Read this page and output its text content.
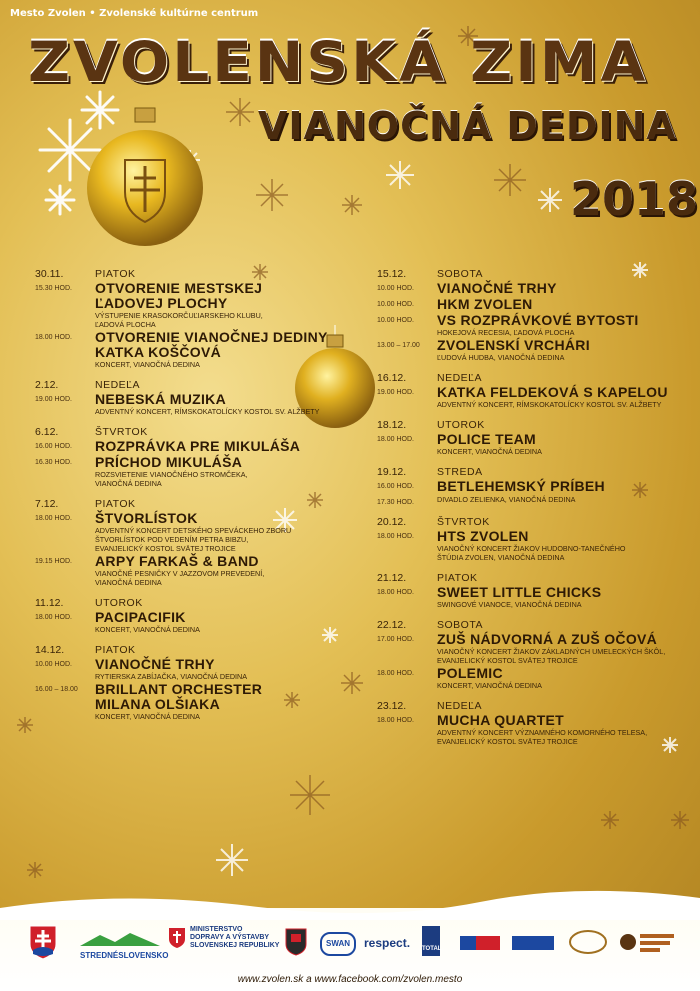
Mesto Zvolen • Zvolenské kultúrne centrum
ZVOLENSKÁ ZIMA
VIANOČNÁ DEDINA
2018
30.11.	PIATOK
15.30 HOD.	OTVORENIE MESTSKEJ
ĽADOVEJ PLOCHY
VÝSTUPENIE KRASOKORČUĽIARSKEHO KLUBU,
ĽADOVÁ PLOCHA
18.00 HOD.	OTVORENIE VIANOČNEJ DEDINY
KATKA KOŠČOVÁ
KONCERT, VIANOČNÁ DEDINA
2.12.	NEDEĽA
19.00 HOD.	NEBESKÁ MUZIKA
ADVENTNÝ KONCERT, RÍMSKOKATOLÍCKY KOSTOL SV. ALŽBETY
6.12.	ŠTVRTOK
16.00 HOD.	ROZPRÁVKA PRE MIKULÁŠA
16.30 HOD.	PRÍCHOD MIKULÁŠA
ROZSVIETENIE VIANOČNÉHO STROMČEKA,
VIANOČNÁ DEDINA
7.12.	PIATOK
18.00 HOD.	ŠTVORLÍSTOK
ADVENTNÝ KONCERT DETSKÉHO SPEVÁCKEHO ZBORU
ŠTVORLÍSTOK POD VEDENÍM PETRA BIBZU,
EVANJELICKÝ KOSTOL SVÄTEJ TROJICE
19.15 HOD.	ARPY FARKAŠ & BAND
VIANOČNÉ PESNIČKY V JAZZOVOM PREVEDENÍ,
VIANOČNÁ DEDINA
11.12.	UTOROK
18.00 HOD.	PACIPACIFIK
KONCERT, VIANOČNÁ DEDINA
14.12.	PIATOK
10.00 HOD.	VIANOČNÉ TRHY
RYTIERSKA ZABÍJAČKA, VIANOČNÁ DEDINA
16.00 – 18.00	BRILLANT ORCHESTER
MILANA OLŠIAKA
KONCERT, VIANOČNÁ DEDINA
15.12.	SOBOTA
10.00 HOD.	VIANOČNÉ TRHY
10.00 HOD.	HKM ZVOLEN
10.00 HOD.	VS ROZPRÁVKOVÉ BYTOSTI
HOKEJOVÁ RECESIA, ĽADOVÁ PLOCHA
13.00 – 17.00	ZVOLENSKÍ VRCHÁRI
ĽUDOVÁ HUDBA, VIANOČNÁ DEDINA
16.12.	NEDEĽA
19.00 HOD.	KATKA FELDEKOVÁ S KAPELOU
ADVENTNÝ KONCERT, RÍMSKOKATOLÍCKY KOSTOL SV. ALŽBETY
18.12.	UTOROK
18.00 HOD.	POLICE TEAM
KONCERT, VIANOČNÁ DEDINA
19.12.	STREDA
16.00 HOD.	BETLEHEMSKÝ PRÍBEH
17.30 HOD.	DIVADLO ZELIENKA, VIANOČNÁ DEDINA
20.12.	ŠTVRTOK
18.00 HOD.	HTS ZVOLEN
VIANOČNÝ KONCERT ŽIAKOV HUDOBNO-TANEČNÉHO
ŠTÚDIA ZVOLEN, VIANOČNÁ DEDINA
21.12.	PIATOK
18.00 HOD.	SWEET LITTLE CHICKS
SWINGOVÉ VIANOCE, VIANOČNÁ DEDINA
22.12.	SOBOTA
17.00 HOD.	ZUŠ NÁDVORNÁ A ZUŠ OČOVÁ
VIANOČNÝ KONCERT ŽIAKOV ZÁKLADNÝCH UMELECKÝCH ŠKÔL,
EVANJELICKÝ KOSTOL SVÄTEJ TROJICE
18.00 HOD.	POLEMIC
KONCERT, VIANOČNÁ DEDINA
23.12.	NEDEĽA
18.00 HOD.	MUCHA QUARTET
ADVENTNÝ KONCERT VÝZNAMNÉHO KOMORNÉHO TELESA,
EVANJELICKÝ KOSTOL SVÄTEJ TROJICE
STREDNÉSLOVENSKO
MINISTERSTVO
DOPRAVY A VÝSTAVBY
SLOVENSKEJ REPUBLIKY	SWAN	respect. TOTAL
www.zvolen.sk a www.facebook.com/zvolen.mesto
